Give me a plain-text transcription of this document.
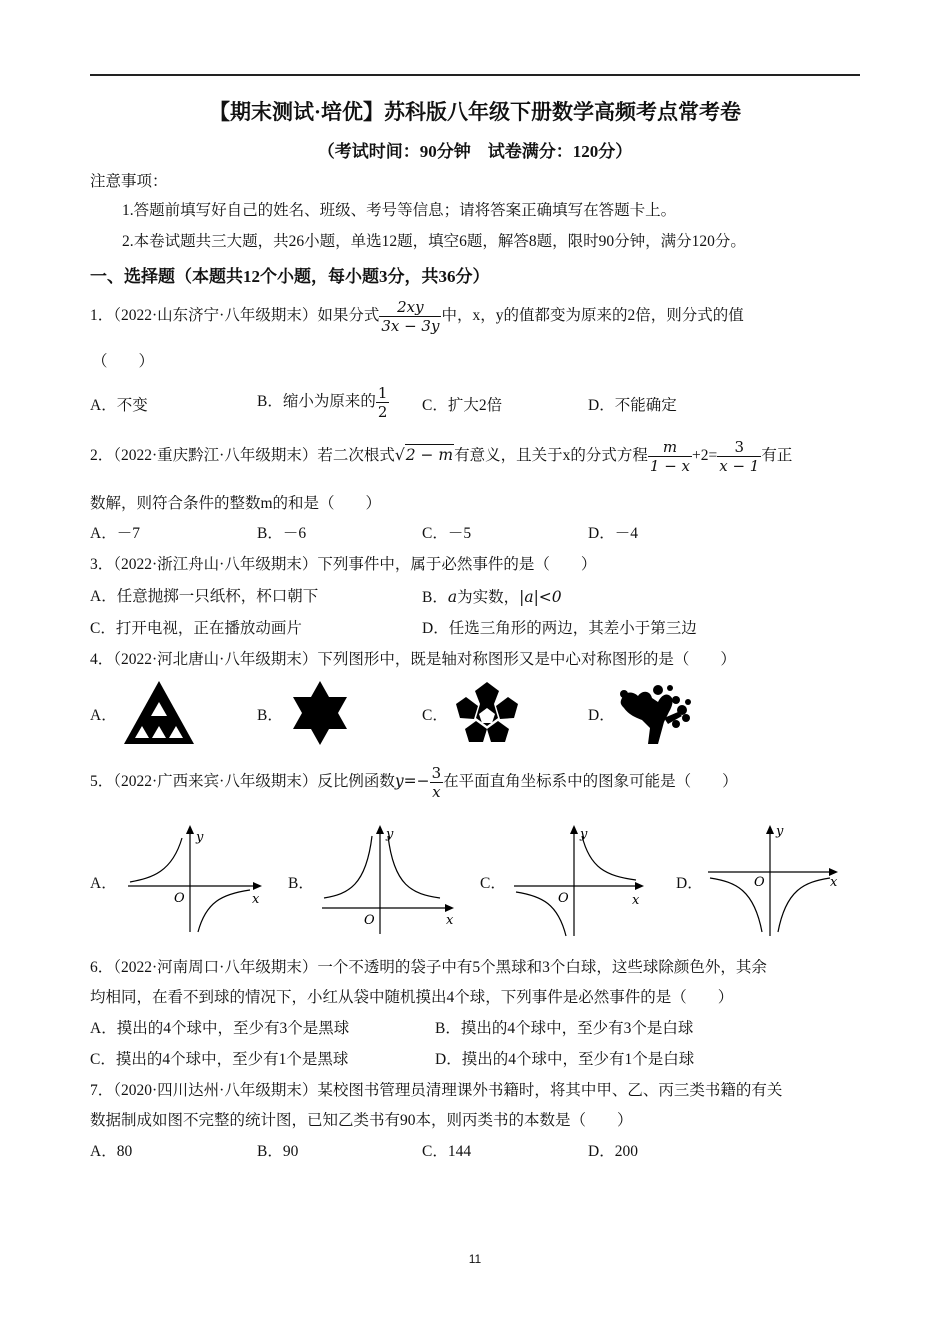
【期末测试·培优】苏科版八年级下册数学高频考点常考卷
（考试时间：90分钟　试卷满分：120分）
注意事项：
1.答题前填写好自己的姓名、班级、考号等信息；请将答案正确填写在答题卡上。
2.本卷试题共三大题，共26小题，单选12题，填空6题，解答8题，限时90分钟，满分120分。
一、选择题（本题共12个小题，每小题3分，共36分）
1．（2022·山东济宁·八年级期末）如果分式 $\frac{2xy}{3x - 3y}$ 中，x，y的值都变为原来的2倍，则分式的值
（　　）
A．不变	B．缩小为原来的 $\frac{1}{2}$ C．扩大2倍	D．不能确定
2．（2022·重庆黔江·八年级期末）若二次根式√2 − m有意义，且关于x的分式方程 $\frac{m}{1 - x} +2= \frac{3}{x - 1}$ 有正
数解，则符合条件的整数m的和是（　　）
A．－7	B．－6	C．－5	D．－4
3．（2022·浙江舟山·八年级期末）下列事件中，属于必然事件的是（　　）
A．任意抛掷一只纸杯，杯口朝下	B．a为实数，|a|<0
C．打开电视，正在播放动画片	D．任选三角形的两边，其差小于第三边
4．（2022·河北唐山·八年级期末）下列图形中，既是轴对称图形又是中心对称图形的是（　　）
A．	B．	C．	D．
5．（2022·广西来宾·八年级期末）反比例函数$y=- \frac{3}{x}$ 在平面直角坐标系中的图象可能是（　　）
A．
y
x
O
B．
y
x
O
C．
y
x
O
D．
y
x
O
6．（2022·河南周口·八年级期末）一个不透明的袋子中有5个黑球和3个白球，这些球除颜色外，其余
均相同，在看不到球的情况下，小红从袋中随机摸出4个球，下列事件是必然事件的是（　　）
A．摸出的4个球中，至少有3个是黑球	B．摸出的4个球中，至少有3个是白球
C．摸出的4个球中，至少有1个是黑球	D．摸出的4个球中，至少有1个是白球
7．（2020·四川达州·八年级期末）某校图书管理员清理课外书籍时，将其中甲、乙、丙三类书籍的有关
数据制成如图不完整的统计图，已知乙类书有90本，则丙类书的本数是（　　）
A．80	B．90	C．144	D．200
11
